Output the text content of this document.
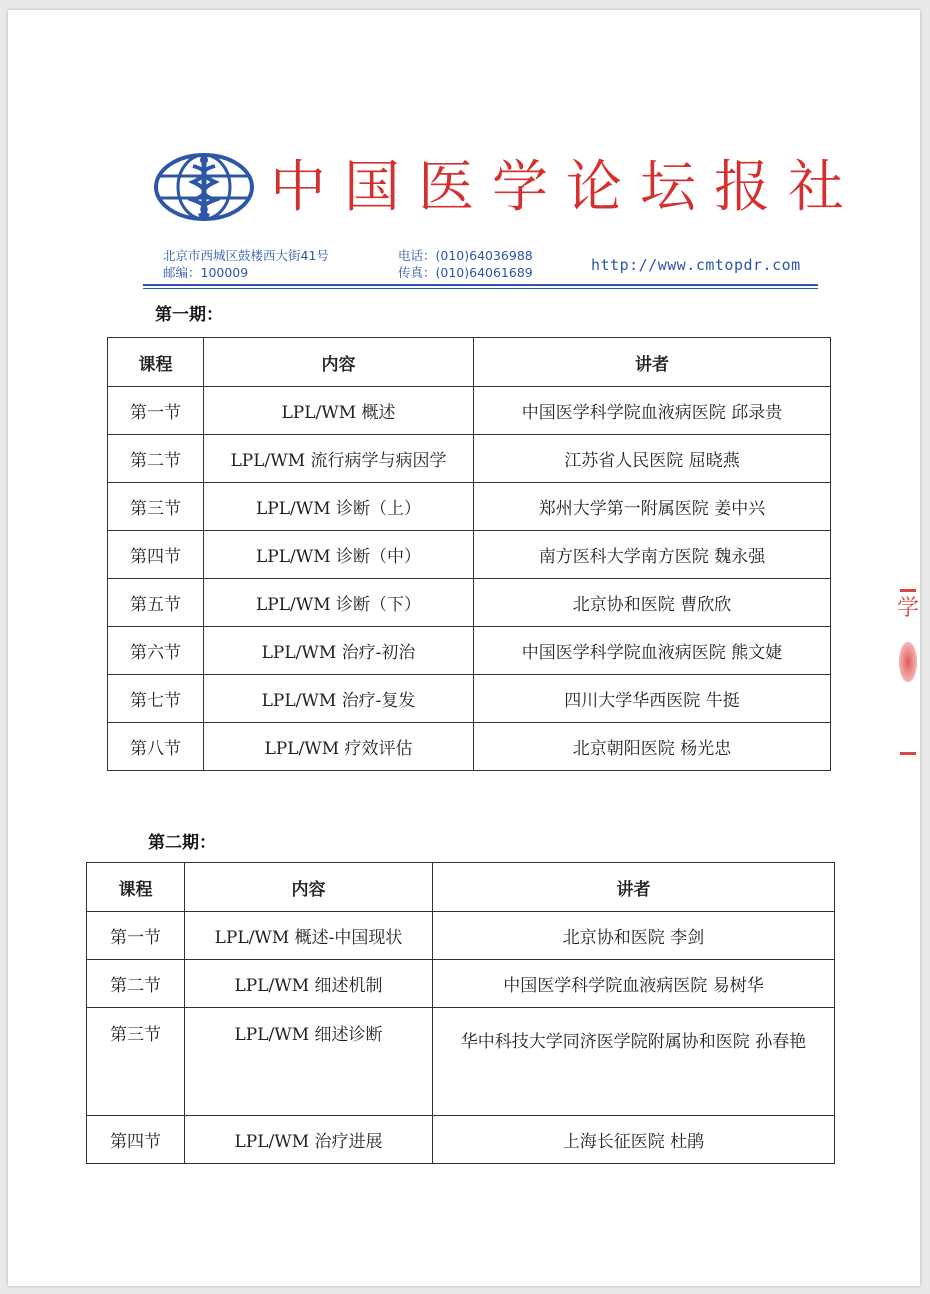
中国医学论坛报社
北京市西城区鼓楼西大街41号
邮编：100009
电话：(010)64036988
传真：(010)64061689	http://www.cmtopdr.com
第一期：
课程	内容	讲者
第一节	LPL/WM 概述	中国医学科学院血液病医院 邱录贵
第二节	LPL/WM 流行病学与病因学	江苏省人民医院 屈晓燕
第三节	LPL/WM 诊断（上）	郑州大学第一附属医院 姜中兴
第四节	LPL/WM 诊断（中）	南方医科大学南方医院 魏永强
第五节	LPL/WM 诊断（下）	北京协和医院 曹欣欣
第六节	LPL/WM 治疗-初治	中国医学科学院血液病医院 熊文婕
第七节	LPL/WM 治疗-复发	四川大学华西医院 牛挺
第八节	LPL/WM 疗效评估	北京朝阳医院 杨光忠
第二期：
课程	内容	讲者
第一节	LPL/WM 概述-中国现状	北京协和医院 李剑
第二节	LPL/WM 细述机制	中国医学科学院血液病医院 易树华
第三节	LPL/WM 细述诊断	华中科技大学同济医学院附属协和医院 孙春艳
第四节	LPL/WM 治疗进展	上海长征医院 杜鹃
学
